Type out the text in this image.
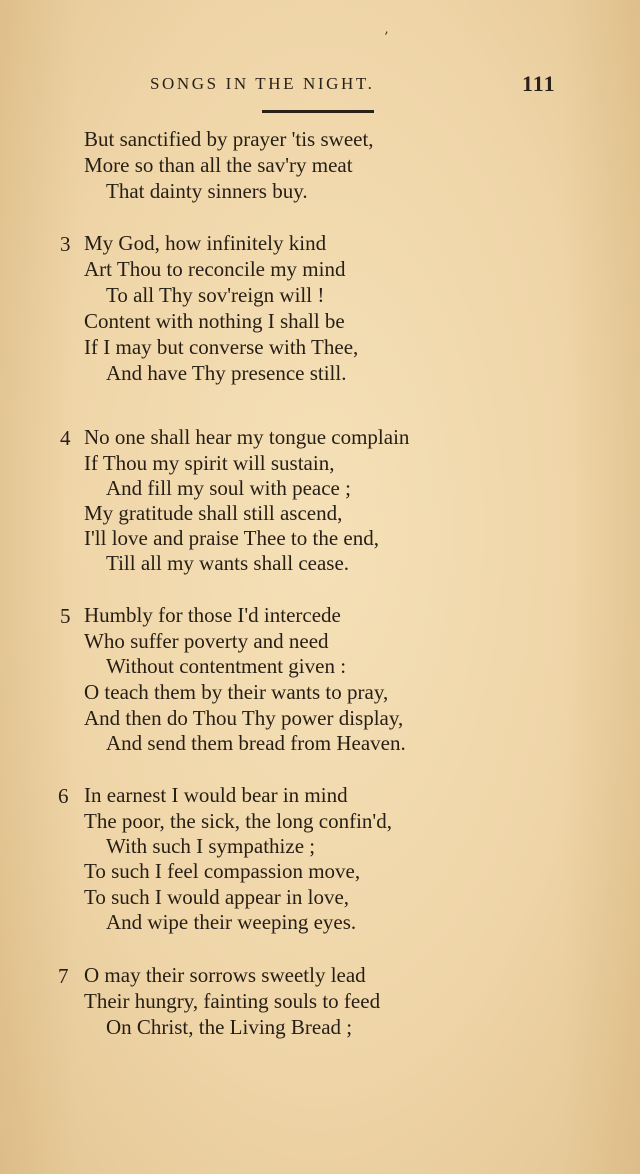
’
SONGS IN THE NIGHT.	111
But sanctified by prayer 'tis sweet,
More so than all the sav'ry meat
That dainty sinners buy.
3 My God, how infinitely kind
Art Thou to reconcile my mind
To all Thy sov'reign will !
Content with nothing I shall be
If I may but converse with Thee,
And have Thy presence still.
4 No one shall hear my tongue complain
If Thou my spirit will sustain,
And fill my soul with peace ;
My gratitude shall still ascend,
I'll love and praise Thee to the end,
Till all my wants shall cease.
5 Humbly for those I'd intercede
Who suffer poverty and need
Without contentment given :
O teach them by their wants to pray,
And then do Thou Thy power display,
And send them bread from Heaven.
6 In earnest I would bear in mind
The poor, the sick, the long confin'd,
With such I sympathize ;
To such I feel compassion move,
To such I would appear in love,
And wipe their weeping eyes.
7 O may their sorrows sweetly lead
Their hungry, fainting souls to feed
On Christ, the Living Bread ;
